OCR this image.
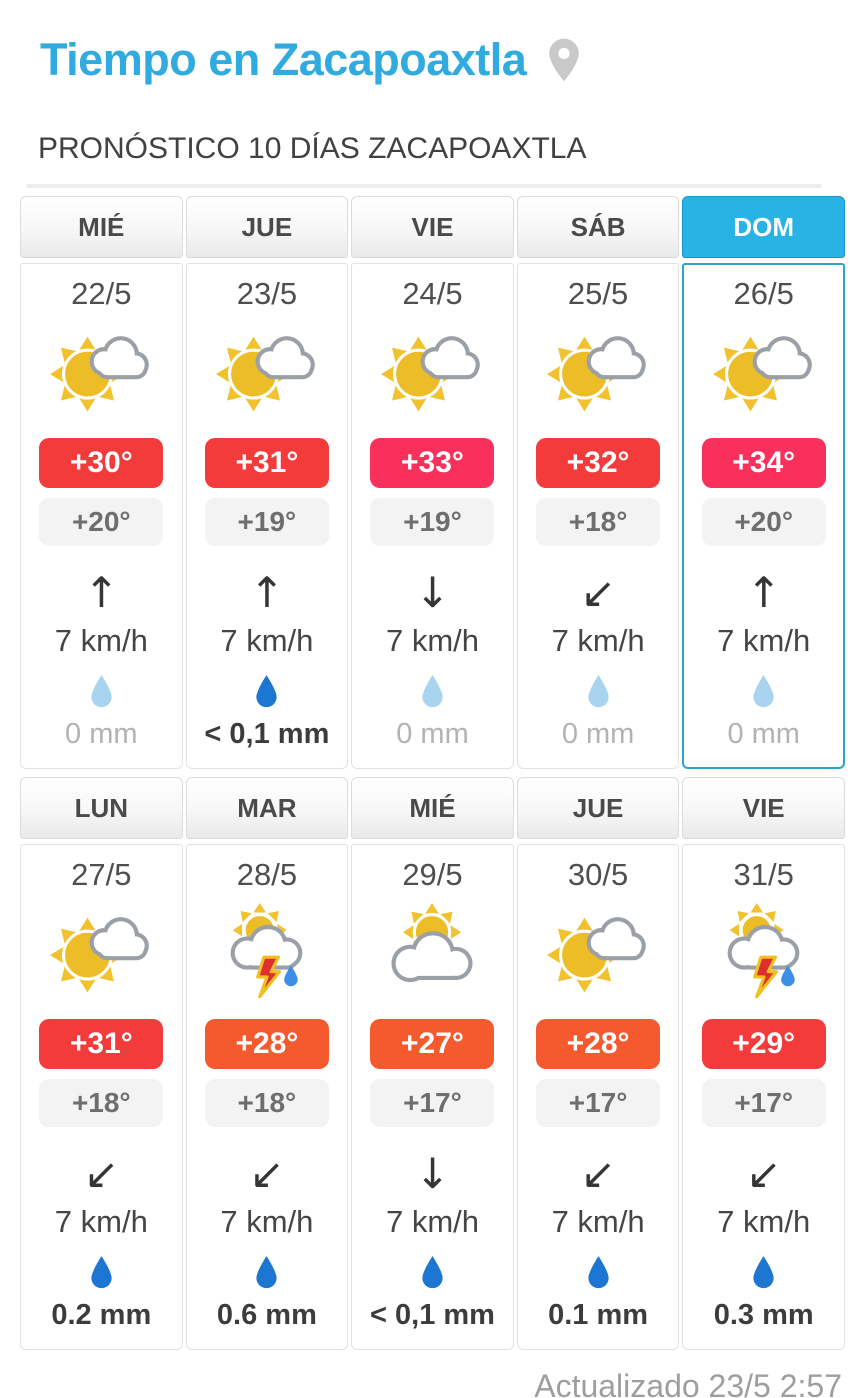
Tiempo en Zacapoaxtla
PRONÓSTICO 10 DÍAS ZACAPOAXTLA
MIÉ
22/5
+30°
+20°
↑
7 km/h
0 mm
JUE
23/5
+31°
+19°
↑
7 km/h
< 0,1 mm
VIE
24/5
+33°
+19°
↓
7 km/h
0 mm
SÁB
25/5
+32°
+18°
↙
7 km/h
0 mm
DOM
26/5
+34°
+20°
↑
7 km/h
0 mm
LUN
27/5
+31°
+18°
↙
7 km/h
0.2 mm
MAR
28/5
+28°
+18°
↙
7 km/h
0.6 mm
MIÉ
29/5
+27°
+17°
↓
7 km/h
< 0,1 mm
JUE
30/5
+28°
+17°
↙
7 km/h
0.1 mm
VIE
31/5
+29°
+17°
↙
7 km/h
0.3 mm
Actualizado 23/5 2:57
